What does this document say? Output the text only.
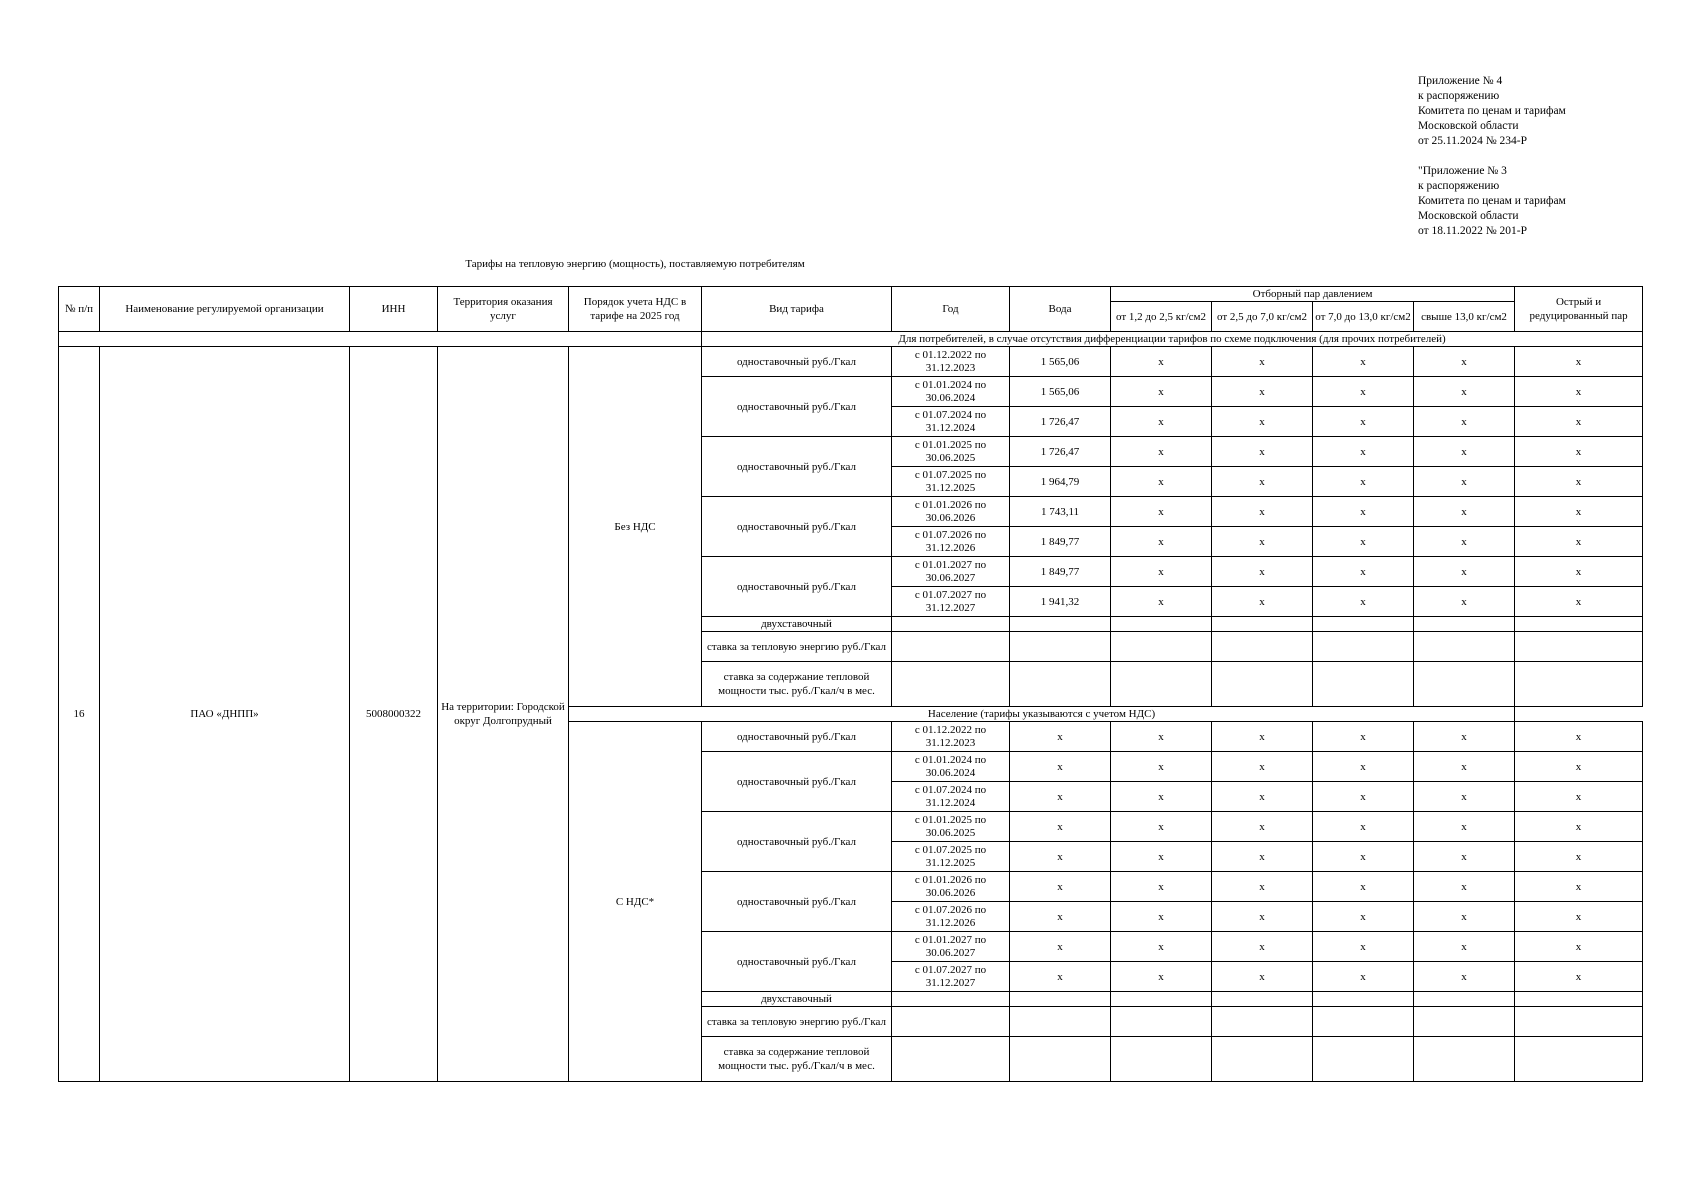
Приложение № 4
к распоряжению
Комитета по ценам и тарифам
Московской области
от 25.11.2024 № 234-Р
"Приложение № 3
к распоряжению
Комитета по ценам и тарифам
Московской области
от 18.11.2022 № 201-Р
Тарифы на тепловую энергию (мощность), поставляемую потребителям
№ п/п	Наименование регулируемой организации	ИНН	Территория оказания услуг	Порядок учета НДС в тарифе на 2025 год	Вид тарифа	Год	Вода	Отборный пар давлением				Острый и редуцированный пар
								от 1,2 до 2,5 кг/см2	от 2,5 до 7,0 кг/см2	от 7,0 до 13,0 кг/см2	свыше 13,0 кг/см2	
					Для потребителей, в случае отсутствия дифференциации тарифов по схеме подключения (для прочих потребителей)							
16	ПАО «ДНПП»	5008000322	На территории: Городской округ Долгопрудный	Без НДС	одноставочный руб./Гкал	с 01.12.2022 по 31.12.2023	1 565,06	х	х	х	х	х
					одноставочный руб./Гкал	с 01.01.2024 по 30.06.2024	1 565,06	х	х	х	х	х
						с 01.07.2024 по 31.12.2024	1 726,47	х	х	х	х	х
					одноставочный руб./Гкал	с 01.01.2025 по 30.06.2025	1 726,47	х	х	х	х	х
						с 01.07.2025 по 31.12.2025	1 964,79	х	х	х	х	х
					одноставочный руб./Гкал	с 01.01.2026 по 30.06.2026	1 743,11	х	х	х	х	х
						с 01.07.2026 по 31.12.2026	1 849,77	х	х	х	х	х
					одноставочный руб./Гкал	с 01.01.2027 по 30.06.2027	1 849,77	х	х	х	х	х
						с 01.07.2027 по 31.12.2027	1 941,32	х	х	х	х	х
					двухставочный							
					ставка за тепловую энергию руб./Гкал							
					ставка за содержание тепловой мощности тыс. руб./Гкал/ч в мес.							
				Население (тарифы указываются с учетом НДС)								
				С НДС*	одноставочный руб./Гкал	с 01.12.2022 по 31.12.2023	х	х	х	х	х	х
					одноставочный руб./Гкал	с 01.01.2024 по 30.06.2024	х	х	х	х	х	х
						с 01.07.2024 по 31.12.2024	х	х	х	х	х	х
					одноставочный руб./Гкал	с 01.01.2025 по 30.06.2025	х	х	х	х	х	х
						с 01.07.2025 по 31.12.2025	х	х	х	х	х	х
					одноставочный руб./Гкал	с 01.01.2026 по 30.06.2026	х	х	х	х	х	х
						с 01.07.2026 по 31.12.2026	х	х	х	х	х	х
					одноставочный руб./Гкал	с 01.01.2027 по 30.06.2027	х	х	х	х	х	х
						с 01.07.2027 по 31.12.2027	х	х	х	х	х	х
					двухставочный							
					ставка за тепловую энергию руб./Гкал							
					ставка за содержание тепловой мощности тыс. руб./Гкал/ч в мес.							
